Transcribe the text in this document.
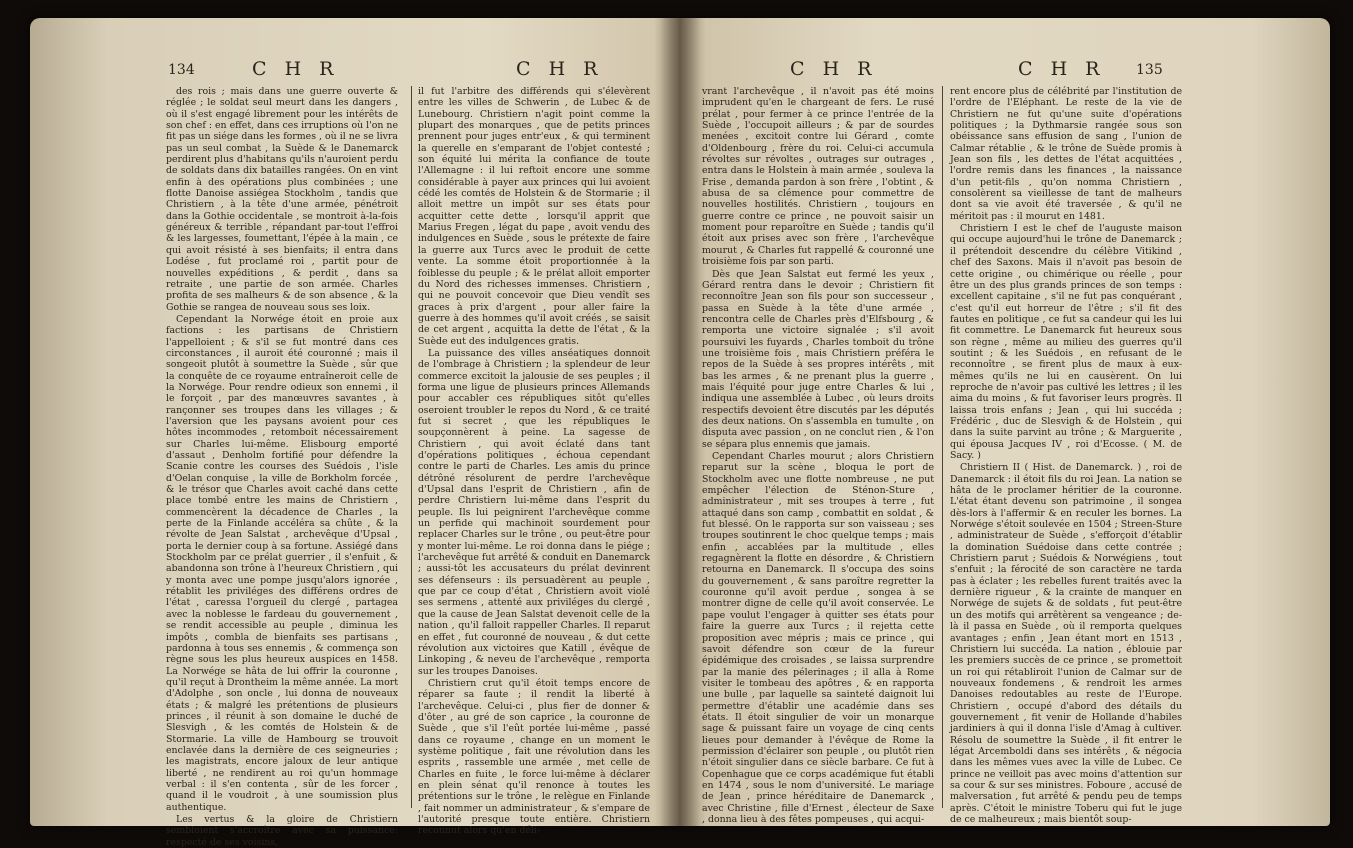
134	C H R	C H R

des rois ; mais dans une guerre ouverte & réglée ; le soldat seul meurt dans les dangers , où il s'est engagé librement pour les intérêts de son chef : en effet, dans ces irruptions où l'on ne fit pas un siége dans les formes , où il ne se livra pas un seul combat , la Suède & le Danemarck perdirent plus d'habitans qu'ils n'auroient perdu de soldats dans dix batailles rangées. On en vint enfin à des opérations plus combinées ; une flotte Danoise assiégea Stockholm , tandis que Christiern , à la tête d'une armée, pénétroit dans la Gothie occidentale , se montroit à-la-fois généreux & terrible , répandant par-tout l'effroi & les largesses, foumettant, l'épée à la main , ce qui avoit résisté à ses bienfaits; il entra dans Lodése , fut proclamé roi , partit pour de nouvelles expéditions , & perdit , dans sa retraite , une partie de son armée. Charles profita de ses malheurs & de son absence , & la Gothie se rangea de nouveau sous ses loix.

Cependant la Norwége étoit en proie aux factions : les partisans de Christiern l'appelloient ; & s'il se fut montré dans ces circonstances , il auroit été couronné ; mais il songeoit plutôt à soumettre la Suède , sûr que la conquête de ce royaume entraîneroit celle de la Norwége. Pour rendre odieux son ennemi , il le forçoit , par des manœuvres savantes , à rançonner ses troupes dans les villages ; & l'aversion que les paysans avoient pour ces hôtes incommodes , retomboit nécessairement sur Charles lui-même. Elisbourg emporté d'assaut , Denholm fortifié pour défendre la Scanie contre les courses des Suédois , l'isle d'Oelan conquise , la ville de Borkholm forcée , & le trésor que Charles avoit caché dans cette place tombé entre les mains de Christiern , commencèrent la décadence de Charles , la perte de la Finlande accéléra sa chûte , & la révolte de Jean Salstat , archevêque d'Upsal , porta le dernier coup à sa fortune. Assiégé dans Stockholm par ce prélat guerrier , il s'enfuit , & abandonna son trône à l'heureux Christiern , qui y monta avec une pompe jusqu'alors ignorée , rétablit les priviléges des différens ordres de l'état , caressa l'orgueil du clergé , partagea avec la noblesse le fardeau du gouvernement , se rendit accessible au peuple , diminua les impôts , combla de bienfaits ses partisans , pardonna à tous ses ennemis , & commença son règne sous les plus heureux auspices en 1458. La Norwége se hâta de lui offrir la couronne , qu'il reçut à Drontheim la même année. La mort d'Adolphe , son oncle , lui donna de nouveaux états ; & malgré les prétentions de plusieurs princes , il réunit à son domaine le duché de Slesvigh , & les comtés de Holstein & de Stormarie. La ville de Hambourg se trouvoit enclavée dans la dernière de ces seigneuries ; les magistrats, encore jaloux de leur antique liberté , ne rendirent au roi qu'un hommage verbal : il s'en contenta , sûr de les forcer , quand il le voudroit , à une soumission plus authentique.

Les vertus & la gloire de Christiern sembloient s'accroître avec sa puissance: respecté de ses voisins,

il fut l'arbitre des différends qui s'élevèrent entre les villes de Schwerin , de Lubec & de Lunebourg. Christiern n'agit point comme la plupart des monarques , que de petits princes prennent pour juges entr'eux , & qui terminent la querelle en s'emparant de l'objet contesté ; son équité lui mérita la confiance de toute l'Allemagne : il lui reftoit encore une somme considérable à payer aux princes qui lui avoient cédé les comtés de Holstein & de Stormarie ; il alloit mettre un impôt sur ses états pour acquitter cette dette , lorsqu'il apprit que Marius Fregen , légat du pape , avoit vendu des indulgences en Suède , sous le prétexte de faire la guerre aux Turcs avec le produit de cette vente. La somme étoit proportionnée à la foiblesse du peuple ; & le prélat alloit emporter du Nord des richesses immenses. Christiern , qui ne pouvoit concevoir que Dieu vendît ses graces à prix d'argent , pour aller faire la guerre à des hommes qu'il avoit créés , se saisit de cet argent , acquitta la dette de l'état , & la Suède eut des indulgences gratis.

La puissance des villes anséatiques donnoit de l'ombrage à Christiern ; la splendeur de leur commerce excitoit la jalousie de ses peuples ; il forma une ligue de plusieurs princes Allemands pour accabler ces républiques sitôt qu'elles oseroient troubler le repos du Nord , & ce traité fut si secret , que les républiques le soupçonnèrent à peine. La sagesse de Christiern , qui avoit éclaté dans tant d'opérations politiques , échoua cependant contre le parti de Charles. Les amis du prince détrôné résolurent de perdre l'archevêque d'Upsal dans l'esprit de Christiern , afin de perdre Christiern lui-même dans l'esprit du peuple. Ils lui peignirent l'archevêque comme un perfide qui machinoit sourdement pour replacer Charles sur le trône , ou peut-être pour y monter lui-même. Le roi donna dans le piége ; l'archevêque fut arrêté & conduit en Danemarck ; aussi-tôt les accusateurs du prélat devinrent ses défenseurs : ils persuadèrent au peuple , que par ce coup d'état , Christiern avoit violé ses sermens , attenté aux priviléges du clergé , que la cause de Jean Salstat devenoit celle de la nation , qu'il falloit rappeller Charles. Il reparut en effet , fut couronné de nouveau , & dut cette révolution aux victoires que Katill , évêque de Linkoping , & neveu de l'archevêque , remporta sur les troupes Danoises.

Christiern crut qu'il étoit temps encore de réparer sa faute ; il rendit la liberté à l'archevêque. Celui-ci , plus fier de donner & d'ôter , au gré de son caprice , la couronne de Suède , que s'il l'eût portée lui-même , passé dans ce royaume , change en un moment le système politique , fait une révolution dans les esprits , rassemble une armée , met celle de Charles en fuite , le force lui-même à déclarer en plein sénat qu'il renonce à toutes les prétentions sur le trône , le relègue en Finlande , fait nommer un administrateur , & s'empare de l'autorité presque toute entière. Christiern reconnut alors qu'en déli-

C H R	C H R 135

vrant l'archevêque , il n'avoit pas été moins imprudent qu'en le chargeant de fers. Le rusé prélat , pour fermer à ce prince l'entrée de la Suède , l'occupoit ailleurs ; & par de sourdes menées , excitoit contre lui Gérard , comte d'Oldenbourg , frère du roi. Celui-ci accumula révoltes sur révoltes , outrages sur outrages , entra dans le Holstein à main armée , souleva la Frise , demanda pardon à son frère , l'obtint , & abusa de sa clémence pour commettre de nouvelles hostilités. Christiern , toujours en guerre contre ce prince , ne pouvoit saisir un moment pour reparoître en Suède ; tandis qu'il étoit aux prises avec son frère , l'archevêque mourut , & Charles fut rappellé & couronné une troisième fois par son parti.

Dès que Jean Salstat eut fermé les yeux , Gérard rentra dans le devoir ; Christiern fit reconnoître Jean son fils pour son successeur , passa en Suède à la tête d'une armée , rencontra celle de Charles près d'Elfsbourg , & remporta une victoire signalée ; s'il avoit poursuivi les fuyards , Charles tomboit du trône une troisième fois , mais Christiern préféra le repos de la Suède à ses propres intérêts , mit bas les armes , & ne prenant plus la guerre , mais l'équité pour juge entre Charles & lui , indiqua une assemblée à Lubec , où leurs droits respectifs devoient être discutés par les députés des deux nations. On s'assembla en tumulte , on disputa avec passion , on ne conclut rien , & l'on se sépara plus ennemis que jamais.

Cependant Charles mourut ; alors Christiern reparut sur la scène , bloqua le port de Stockholm avec une flotte nombreuse , ne put empêcher l'élection de Sténon-Sture , administrateur , mit ses troupes à terre , fut attaqué dans son camp , combattit en soldat , & fut blessé. On le rapporta sur son vaisseau ; ses troupes soutinrent le choc quelque temps ; mais enfin , accablées par la multitude , elles regagnèrent la flotte en désordre , & Christiern retourna en Danemarck. Il s'occupa des soins du gouvernement , & sans paroître regretter la couronne qu'il avoit perdue , songea à se montrer digne de celle qu'il avoit conservée. Le pape voulut l'engager à quitter ses états pour faire la guerre aux Turcs ; il rejetta cette proposition avec mépris ; mais ce prince , qui savoit défendre son cœur de la fureur épidémique des croisades , se laissa surprendre par la manie des pélerinages ; il alla à Rome visiter le tombeau des apôtres , & en rapporta une bulle , par laquelle sa sainteté daignoit lui permettre d'établir une académie dans ses états. Il étoit singulier de voir un monarque sage & puissant faire un voyage de cinq cents lieues pour demander à l'évêque de Rome la permission d'éclairer son peuple , ou plutôt rien n'étoit singulier dans ce siècle barbare. Ce fut à Copenhague que ce corps académique fut établi en 1474 , sous le nom d'université. Le mariage de Jean , prince héréditaire de Danemarck , avec Christine , fille d'Ernest , électeur de Saxe , donna lieu à des fêtes pompeuses , qui acqui-

rent encore plus de célébrité par l'institution de l'ordre de l'Eléphant. Le reste de la vie de Christiern ne fut qu'une suite d'opérations politiques ; la Dythmarsie rangée sous son obéissance sans effusion de sang , l'union de Calmar rétablie , & le trône de Suède promis à Jean son fils , les dettes de l'état acquittées , l'ordre remis dans les finances , la naissance d'un petit-fils , qu'on nomma Christiern , consolèrent sa vieillesse de tant de malheurs dont sa vie avoit été traversée , & qu'il ne méritoit pas : il mourut en 1481.

Christiern I est le chef de l'auguste maison qui occupe aujourd'hui le trône de Danemarck ; il prétendoit descendre du célèbre Vitikind , chef des Saxons. Mais il n'avoit pas besoin de cette origine , ou chimérique ou réelle , pour être un des plus grands princes de son temps : excellent capitaine , s'il ne fut pas conquérant , c'est qu'il eut horreur de l'être ; s'il fit des fautes en politique , ce fut sa candeur qui les lui fit commettre. Le Danemarck fut heureux sous son règne , même au milieu des guerres qu'il soutint ; & les Suédois , en refusant de le reconnoître , se firent plus de maux à eux-mêmes qu'ils ne lui en causèrent. On lui reproche de n'avoir pas cultivé les lettres ; il les aima du moins , & fut favoriser leurs progrès. Il laissa trois enfans ; Jean , qui lui succéda ; Frédéric , duc de Slesvigh & de Holstein , qui dans la suite parvint au trône ; & Marguerite , qui épousa Jacques IV , roi d'Ecosse. ( M. de Sacy. )

Christiern II ( Hist. de Danemarck. ) , roi de Danemarck : il étoit fils du roi Jean. La nation se hâta de le proclamer héritier de la couronne. L'état étant devenu son patrimoine , il songea dès-lors à l'affermir & en reculer les bornes. La Norwége s'étoit soulevée en 1504 ; Streen-Sture , administrateur de Suède , s'efforçoit d'établir la domination Suédoise dans cette contrée ; Christiern parut ; Suédois & Norwégiens , tout s'enfuit ; la férocité de son caractère ne tarda pas à éclater ; les rebelles furent traités avec la dernière rigueur , & la crainte de manquer en Norwége de sujets & de soldats , fut peut-être un des motifs qui arrêtèrent sa vengeance ; de-là il passa en Suède , où il remporta quelques avantages ; enfin , Jean étant mort en 1513 , Christiern lui succéda. La nation , éblouie par les premiers succès de ce prince , se promettoit un roi qui rétabliroit l'union de Calmar sur de nouveaux fondemens , & rendroit les armes Danoises redoutables au reste de l'Europe. Christiern , occupé d'abord des détails du gouvernement , fit venir de Hollande d'habiles jardiniers à qui il donna l'isle d'Amag à cultiver. Résolu de soumettre la Suède , il fit entrer le légat Arcemboldi dans ses intérêts , & négocia dans les mêmes vues avec la ville de Lubec. Ce prince ne veilloit pas avec moins d'attention sur sa cour & sur ses ministres. Foboure , accusé de malversation , fut arrêté & pendu peu de temps après. C'étoit le ministre Toberu qui fut le juge de ce malheureux ; mais bientôt soup-
